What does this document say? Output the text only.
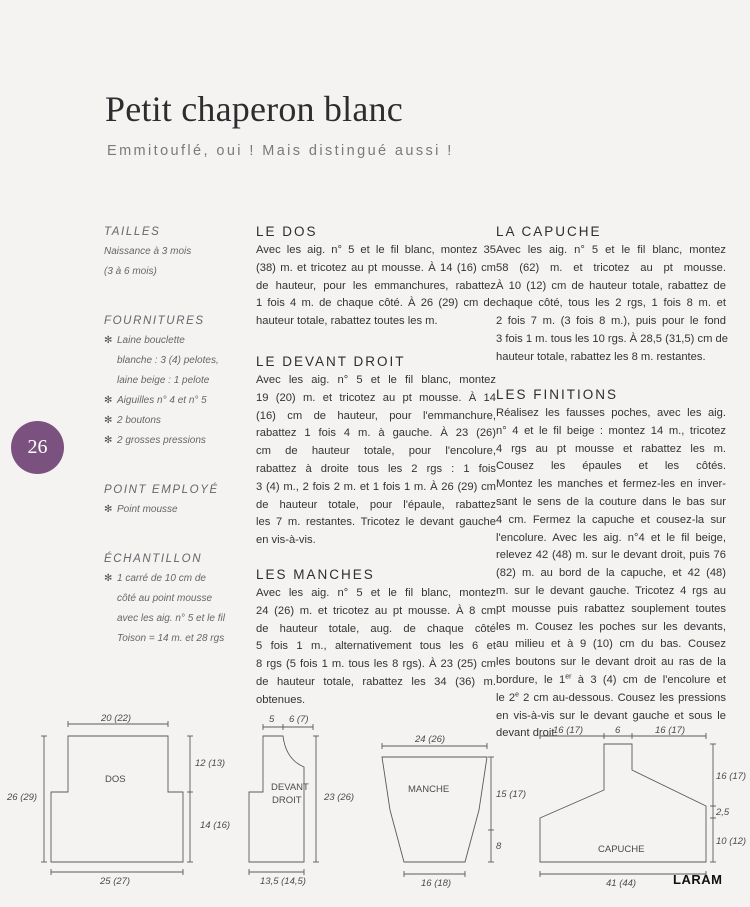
Petit chaperon blanc
Emmitouflé, oui ! Mais distingué aussi !
26

TAILLES

Naissance à 3 mois

(3 à 6 mois)

FOURNITURES

✻ Laine bouclette
blanche : 3 (4) pelotes,
laine beige : 1 pelote
✻ Aiguilles n° 4 et n° 5
✻ 2 boutons
✻ 2 grosses pressions

POINT EMPLOYÉ

✻ Point mousse

ÉCHANTILLON

✻ 1 carré de 10 cm de
côté au point mousse
avec les aig. n° 5 et le fil
Toison = 14 m. et 28 rgs

LE DOS

Avec les aig. n° 5 et le fil blanc, montez 35
(38) m. et tricotez au pt mousse. À 14 (16) cm
de hauteur, pour les emmanchures, rabattez
1 fois 4 m. de chaque côté. À 26 (29) cm de
hauteur totale, rabattez toutes les m.

LE DEVANT DROIT

Avec les aig. n° 5 et le fil blanc, montez
19 (20) m. et tricotez au pt mousse. À 14
(16) cm de hauteur, pour l'emmanchure,
rabattez 1 fois 4 m. à gauche. À 23 (26)
cm de hauteur totale, pour l'encolure,
rabattez à droite tous les 2 rgs : 1 fois
3 (4) m., 2 fois 2 m. et 1 fois 1 m. À 26 (29) cm
de hauteur totale, pour l'épaule, rabattez
les 7 m. restantes. Tricotez le devant gauche
en vis-à-vis.

LES MANCHES

Avec les aig. n° 5 et le fil blanc, montez
24 (26) m. et tricotez au pt mousse. À 8 cm
de hauteur totale, aug. de chaque côté
5 fois 1 m., alternativement tous les 6 et
8 rgs (5 fois 1 m. tous les 8 rgs). À 23 (25) cm
de hauteur totale, rabattez les 34 (36) m.
obtenues.

LA CAPUCHE

Avec les aig. n° 5 et le fil blanc, montez
58 (62) m. et tricotez au pt mousse.
À 10 (12) cm de hauteur totale, rabattez de
chaque côté, tous les 2 rgs, 1 fois 8 m. et
2 fois 7 m. (3 fois 8 m.), puis pour le fond
3 fois 1 m. tous les 10 rgs. À 28,5 (31,5) cm de
hauteur totale, rabattez les 8 m. restantes.

LES FINITIONS

Réalisez les fausses poches, avec les aig.
n° 4 et le fil beige : montez 14 m., tricotez
4 rgs au pt mousse et rabattez les m.
Cousez les épaules et les côtés.
Montez les manches et fermez-les en inver-
sant le sens de la couture dans le bas sur
4 cm. Fermez la capuche et cousez-la sur
l'encolure. Avec les aig. n°4 et le fil beige,
relevez 42 (48) m. sur le devant droit, puis 76
(82) m. au bord de la capuche, et 42 (48)
m. sur le devant gauche. Tricotez 4 rgs au
pt mousse puis rabattez souplement toutes
les m. Cousez les poches sur les devants,
au milieu et à 9 (10) cm du bas. Cousez
les boutons sur le devant droit au ras de la
bordure, le 1er à 3 (4) cm de l'encolure et
le 2e 2 cm au-dessous. Cousez les pressions
en vis-à-vis sur le devant gauche et sous le
devant droit.

DOS
20 (22)
25 (27)
26 (29)
12 (13)
14 (16)
DEVANT
DROIT
5 6 (7)
13,5 (14,5)
23 (26)
MANCHE
24 (26)
16 (18)
15 (17)
8	CAPUCHE
16 (17)	6	16 (17)
41 (44)
16 (17)
2,5
10 (12)
LARAM
